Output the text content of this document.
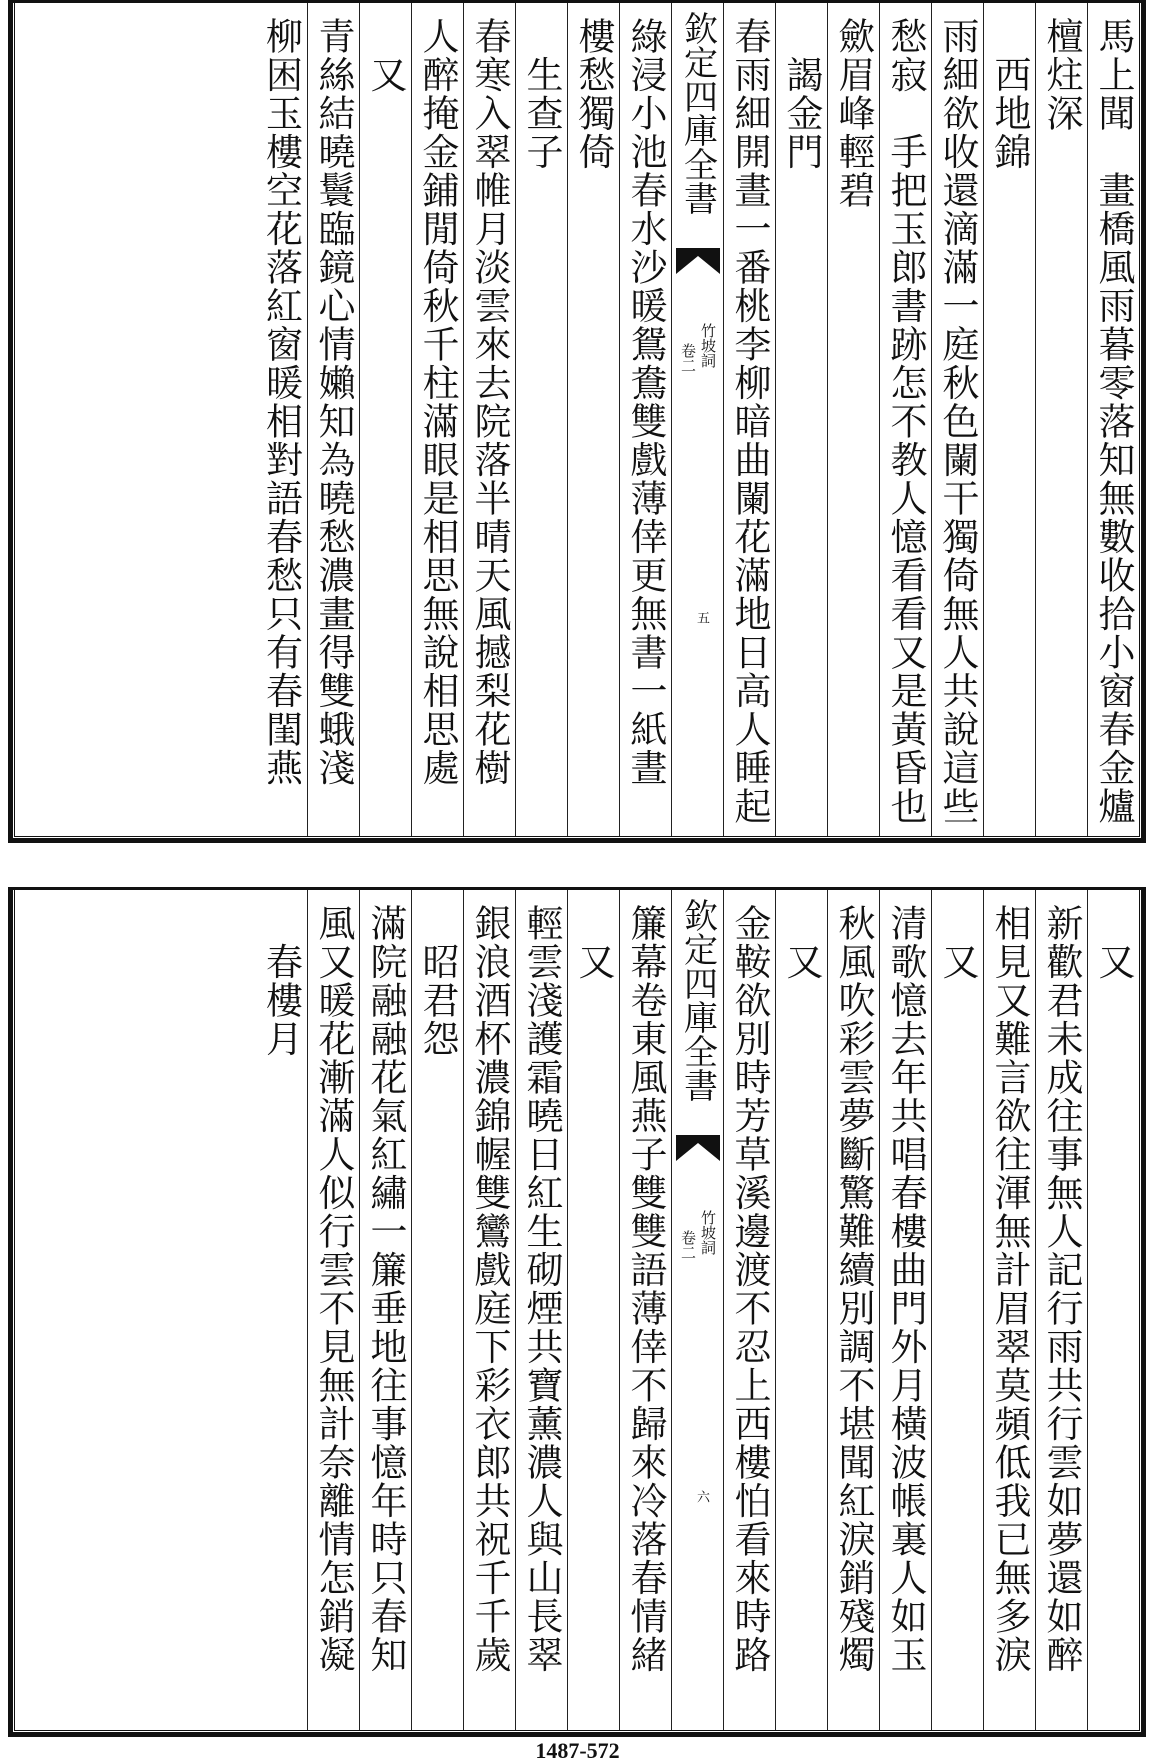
馬上聞　畫橋風雨暮零落知無數收拾小窗春金爐
檀炷深
　西地錦
雨細欲收還滴滿一庭秋色闌干獨倚無人共說這些
愁寂　手把玉郎書跡怎不教人憶看看又是黃昏也
歛眉峰輕碧
　謁金門
春雨細開晝一番桃李柳暗曲闌花滿地日高人睡起
欽定四庫全書
竹坡詞
卷二
五
綠浸小池春水沙暖鴛鴦雙戲薄倖更無書一紙晝
樓愁獨倚
　生查子
春寒入翠帷月淡雲來去院落半晴天風撼梨花樹
人醉掩金鋪閒倚秋千柱滿眼是相思無說相思處
　又
青絲結曉鬟臨鏡心情嬾知為曉愁濃畫得雙蛾淺
柳困玉樓空花落紅窗暖相對語春愁只有春閨燕
　又
新歡君未成往事無人記行雨共行雲如夢還如醉
相見又難言欲往渾無計眉翠莫頻低我已無多淚
　又
清歌憶去年共唱春樓曲門外月橫波帳裏人如玉
秋風吹彩雲夢斷驚難續別調不堪聞紅淚銷殘燭
　又
金鞍欲別時芳草溪邊渡不忍上西樓怕看來時路
欽定四庫全書
竹坡詞
卷二
六
簾幕卷東風燕子雙雙語薄倖不歸來冷落春情緒
　又
輕雲淺護霜曉日紅生砌煙共寶薰濃人與山長翠
銀浪酒杯濃錦幄雙鸞戲庭下彩衣郎共祝千千歲
　昭君怨
滿院融融花氣紅繡一簾垂地往事憶年時只春知
風又暖花漸滿人似行雲不見無計奈離情怎銷凝
　春樓月
1487-572
